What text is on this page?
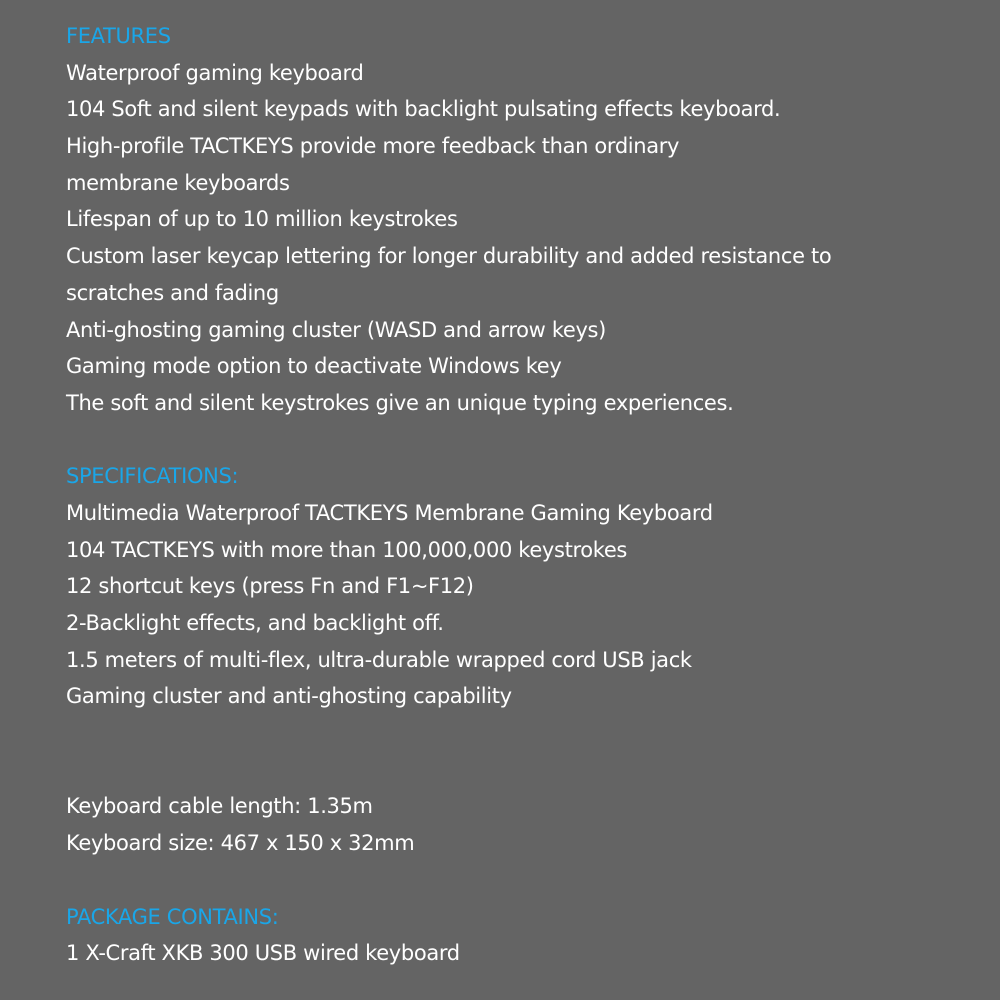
FEATURES
Waterproof gaming keyboard
104 Soft and silent keypads with backlight pulsating effects keyboard.
High-profile TACTKEYS provide more feedback than ordinary
membrane keyboards
Lifespan of up to 10 million keystrokes
Custom laser keycap lettering for longer durability and added resistance to
scratches and fading
Anti-ghosting gaming cluster (WASD and arrow keys)
Gaming mode option to deactivate Windows key
The soft and silent keystrokes give an unique typing experiences.
SPECIFICATIONS:
Multimedia Waterproof TACTKEYS Membrane Gaming Keyboard
104 TACTKEYS with more than 100,000,000 keystrokes
12 shortcut keys (press Fn and F1~F12)
2-Backlight effects, and backlight off.
1.5 meters of multi-flex, ultra-durable wrapped cord USB jack
Gaming cluster and anti-ghosting capability
Keyboard cable length: 1.35m
Keyboard size: 467 x 150 x 32mm
PACKAGE CONTAINS:
1 X-Craft XKB 300 USB wired keyboard
